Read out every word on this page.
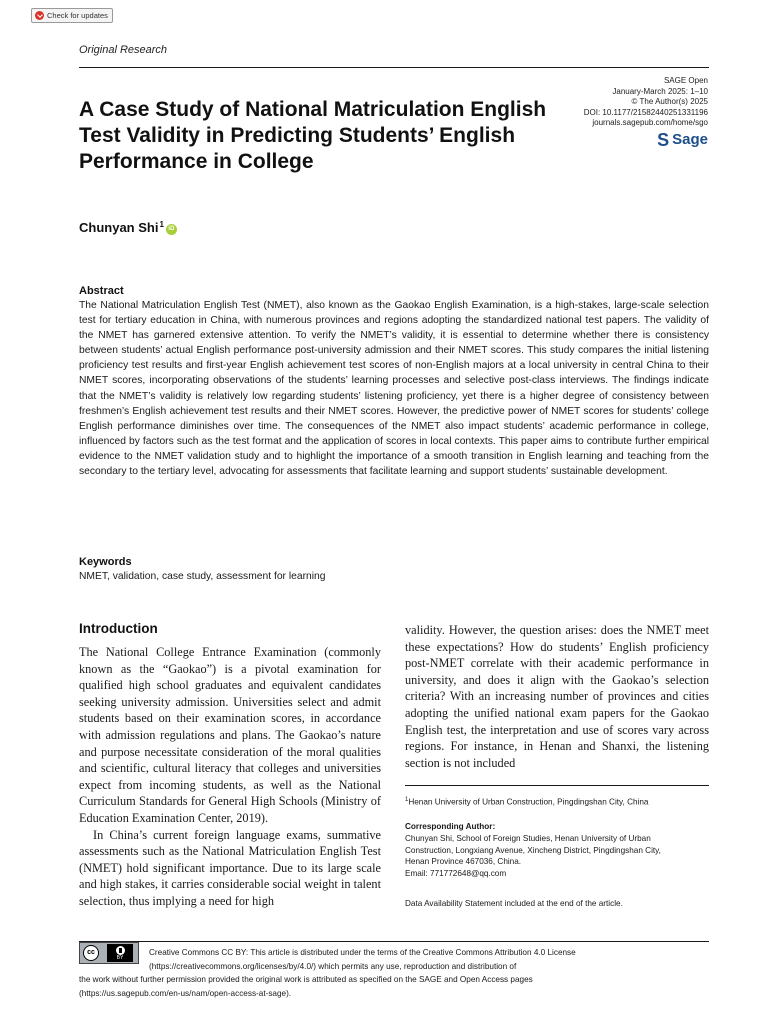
Check for updates
Original Research
SAGE Open
January-March 2025: 1–10
© The Author(s) 2025
DOI: 10.1177/21582440251331196
journals.sagepub.com/home/sgo
S Sage
A Case Study of National Matriculation English Test Validity in Predicting Students’ English Performance in College
Chunyan Shi$^1$ iD
Abstract

The National Matriculation English Test (NMET), also known as the Gaokao English Examination, is a high-stakes, large-scale selection test for tertiary education in China, with numerous provinces and regions adopting the standardized national test papers. The validity of the NMET has garnered extensive attention. To verify the NMET’s validity, it is essential to determine whether there is consistency between students’ actual English performance post-university admission and their NMET scores. This study compares the initial listening proficiency test results and first-year English achievement test scores of non-English majors at a local university in central China to their NMET scores, incorporating observations of the students’ learning processes and selective post-class interviews. The findings indicate that the NMET’s validity is relatively low regarding students’ listening proficiency, yet there is a higher degree of consistency between freshmen’s English achievement test results and their NMET scores. However, the predictive power of NMET scores for students’ college English performance diminishes over time. The consequences of the NMET also impact students’ academic performance in college, influenced by factors such as the test format and the application of scores in local contexts. This paper aims to contribute further empirical evidence to the NMET validation study and to highlight the importance of a smooth transition in English learning and teaching from the secondary to the tertiary level, advocating for assessments that facilitate learning and support students’ sustainable development.

Keywords
NMET, validation, case study, assessment for learning
Introduction

The National College Entrance Examination (commonly known as the “Gaokao”) is a pivotal examination for qualified high school graduates and equivalent candidates seeking university admission. Universities select and admit students based on their examination scores, in accordance with admission regulations and plans. The Gaokao’s nature and purpose necessitate consideration of the moral qualities and scientific, cultural literacy that colleges and universities expect from incoming students, as well as the National Curriculum Standards for General High Schools (Ministry of Education Examination Center, 2019).

In China’s current foreign language exams, summative assessments such as the National Matriculation English Test (NMET) hold significant importance. Due to its large scale and high stakes, it carries considerable social weight in talent selection, thus implying a need for high

validity. However, the question arises: does the NMET meet these expectations? How do students’ English proficiency post-NMET correlate with their academic performance in university, and does it align with the Gaokao’s selection criteria? With an increasing number of provinces and cities adopting the unified national exam papers for the Gaokao English test, the interpretation and use of scores vary across regions. For instance, in Henan and Shanxi, the listening section is not included

$^1$Henan University of Urban Construction, Pingdingshan City, China
Corresponding Author:
Chunyan Shi, School of Foreign Studies, Henan University of Urban
Construction, Longxiang Avenue, Xincheng District, Pingdingshan City,
Henan Province 467036, China.
Email: 771772648@qq.com
Data Availability Statement included at the end of the article.
cc
BY
Creative Commons CC BY: This article is distributed under the terms of the Creative Commons Attribution 4.0 License
(https://creativecommons.org/licenses/by/4.0/) which permits any use, reproduction and distribution of
the work without further permission provided the original work is attributed as specified on the SAGE and Open Access pages
(https://us.sagepub.com/en-us/nam/open-access-at-sage).
